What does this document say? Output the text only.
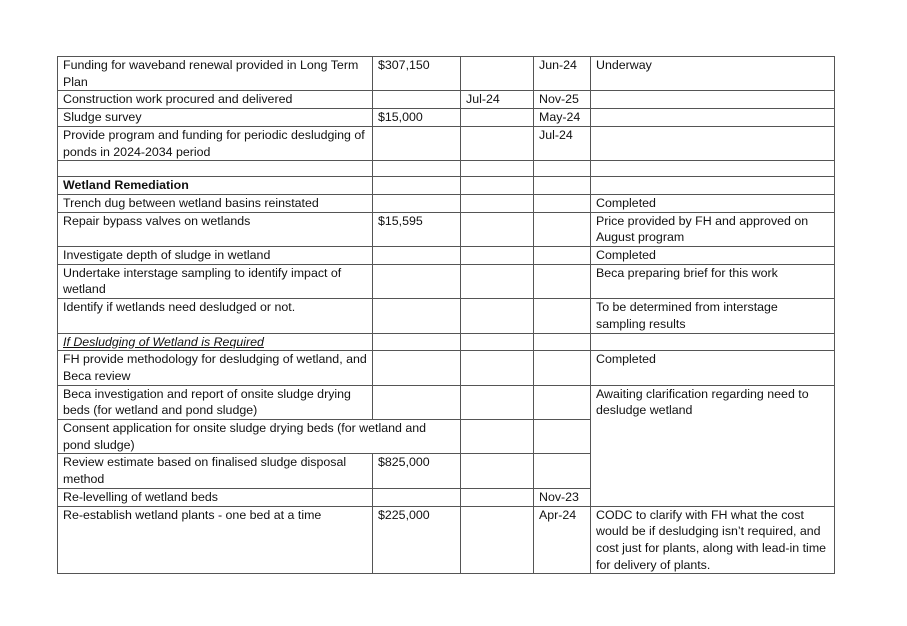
Funding for waveband renewal provided in Long Term Plan	$307,150		Jun-24	Underway
Construction work procured and delivered		Jul-24	Nov-25	
Sludge survey	$15,000		May-24	
Provide program and funding for periodic desludging of ponds in 2024-2034 period			Jul-24	

Wetland Remediation				
Trench dug between wetland basins reinstated				Completed
Repair bypass valves on wetlands	$15,595			Price provided by FH and approved on August program
Investigate depth of sludge in wetland				Completed
Undertake interstage sampling to identify impact of wetland				Beca preparing brief for this work
Identify if wetlands need desludged or not.				To be determined from interstage sampling results
If Desludging of Wetland is Required				
FH provide methodology for desludging of wetland, and Beca review				Completed
Beca investigation and report of onsite sludge drying beds (for wetland and pond sludge)				Awaiting clarification regarding need to desludge wetland
Consent application for onsite sludge drying beds (for wetland and pond sludge)				
Review estimate based on finalised sludge disposal method	$825,000			
Re-levelling of wetland beds			Nov-23	
Re-establish wetland plants - one bed at a time	$225,000		Apr-24	CODC to clarify with FH what the cost would be if desludging isn’t required, and cost just for plants, along with lead-in time for delivery of plants.
